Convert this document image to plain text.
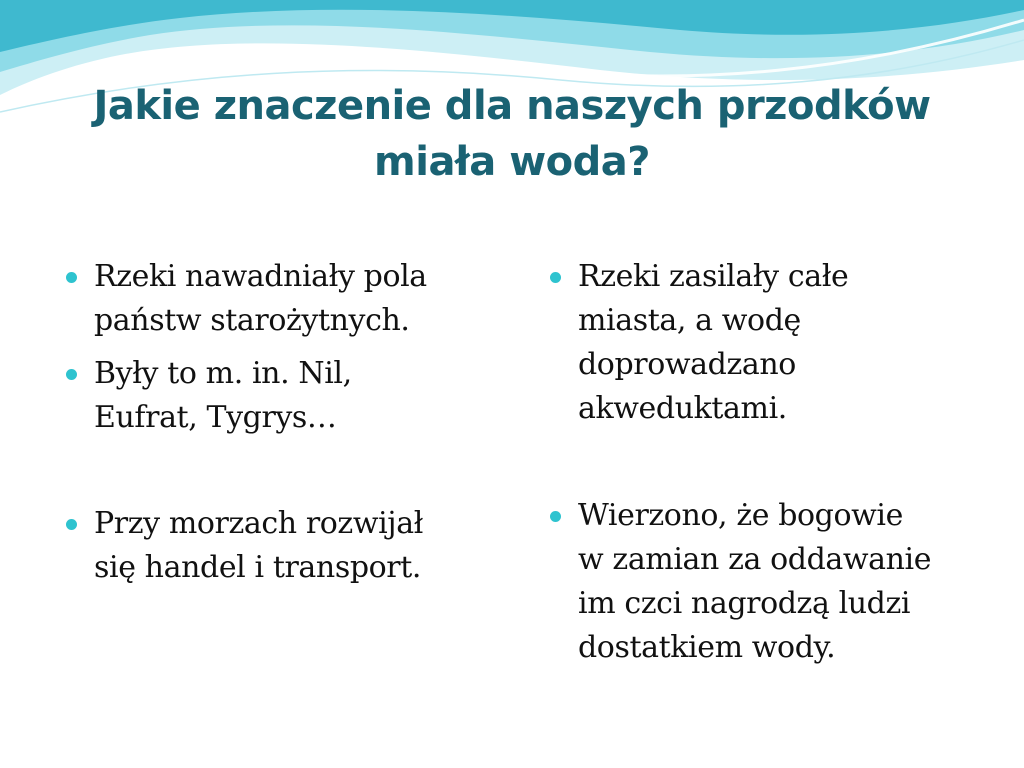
Jakie znaczenie dla naszych przodków
miała woda?
Rzeki nawadniały pola
państw starożytnych.
Były to m. in. Nil,
Eufrat, Tygrys…
Przy morzach rozwijał
się handel i transport.
Rzeki zasilały całe
miasta, a wodę
doprowadzano
akweduktami.
Wierzono, że bogowie
w zamian za oddawanie
im czci nagrodzą ludzi
dostatkiem wody.
